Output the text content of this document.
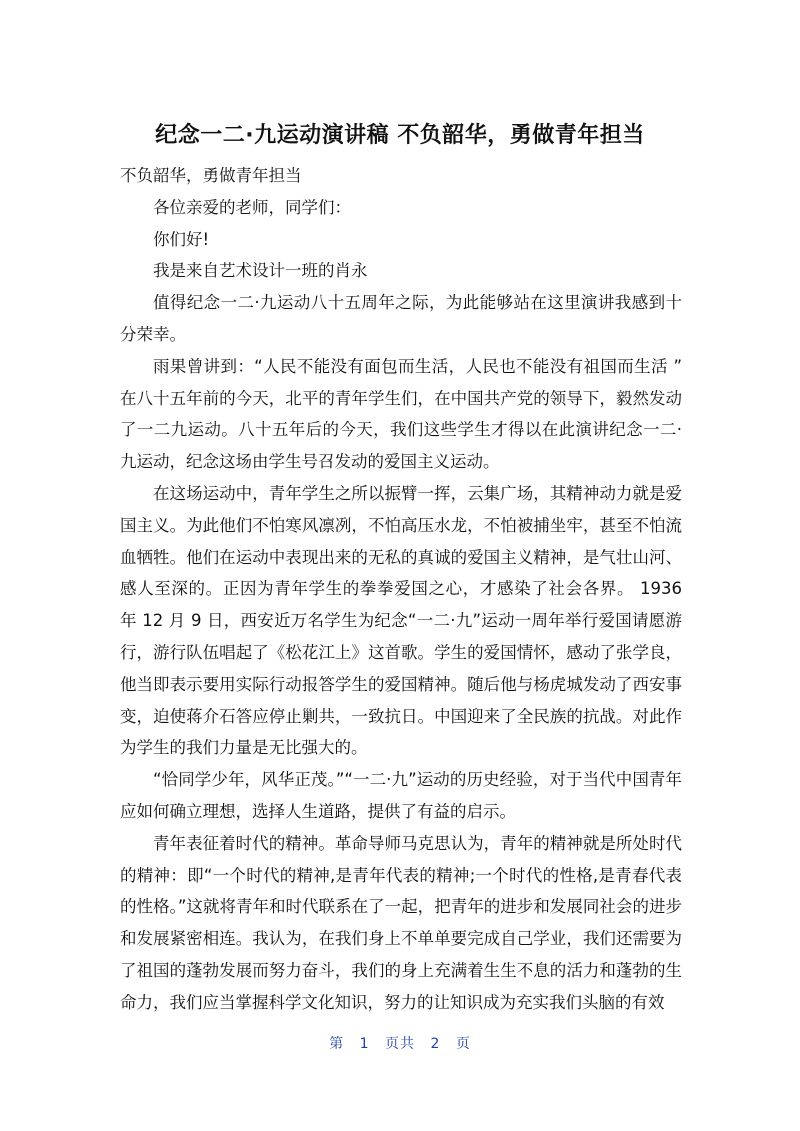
纪念一二·九运动演讲稿 不负韶华，勇做青年担当

不负韶华，勇做青年担当

各位亲爱的老师，同学们：

你们好!

我是来自艺术设计一班的肖永

值得纪念一二·九运动八十五周年之际，为此能够站在这里演讲我感到十分荣幸。

雨果曾讲到：“人民不能没有面包而生活，人民也不能没有祖国而生活 ” 在八十五年前的今天，北平的青年学生们，在中国共产党的领导下，毅然发动了一二九运动。八十五年后的今天，我们这些学生才得以在此演讲纪念一二·九运动，纪念这场由学生号召发动的爱国主义运动。

在这场运动中，青年学生之所以振臂一挥，云集广场，其精神动力就是爱国主义。为此他们不怕寒风凛冽，不怕高压水龙，不怕被捕坐牢，甚至不怕流血牺牲。他们在运动中表现出来的无私的真诚的爱国主义精神，是气壮山河、感人至深的。正因为青年学生的拳拳爱国之心，才感染了社会各界。 1936 年 12 月 9 日，西安近万名学生为纪念“一二·九”运动一周年举行爱国请愿游行，游行队伍唱起了《松花江上》这首歌。学生的爱国情怀，感动了张学良，他当即表示要用实际行动报答学生的爱国精神。随后他与杨虎城发动了西安事变，迫使蒋介石答应停止剿共，一致抗日。中国迎来了全民族的抗战。对此作为学生的我们力量是无比强大的。

“恰同学少年，风华正茂。”“一二·九”运动的历史经验，对于当代中国青年应如何确立理想，选择人生道路，提供了有益的启示。

青年表征着时代的精神。革命导师马克思认为，青年的精神就是所处时代的精神：即“一个时代的精神,是青年代表的精神;一个时代的性格,是青春代表的性格。”这就将青年和时代联系在了一起，把青年的进步和发展同社会的进步和发展紧密相连。我认为，在我们身上不单单要完成自己学业，我们还需要为了祖国的蓬勃发展而努力奋斗，我们的身上充满着生生不息的活力和蓬勃的生命力，我们应当掌握科学文化知识，努力的让知识成为充实我们头脑的有效

第 1 页共 2 页
